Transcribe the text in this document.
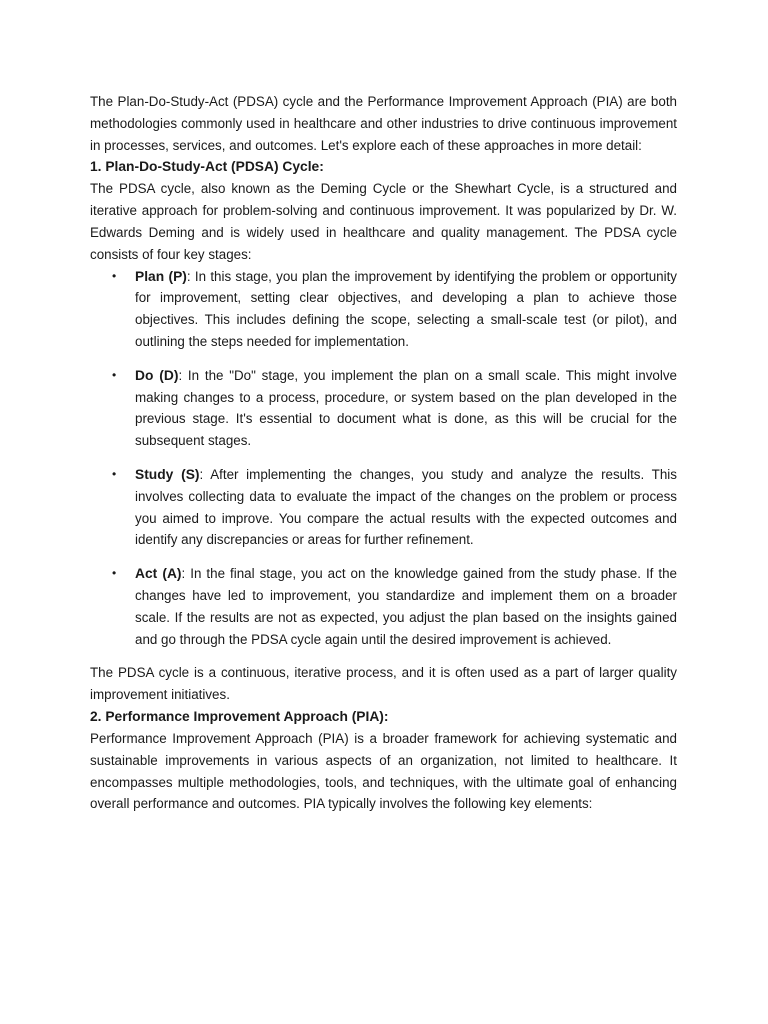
The Plan-Do-Study-Act (PDSA) cycle and the Performance Improvement Approach (PIA) are both methodologies commonly used in healthcare and other industries to drive continuous improvement in processes, services, and outcomes. Let's explore each of these approaches in more detail:

1. Plan-Do-Study-Act (PDSA) Cycle:

The PDSA cycle, also known as the Deming Cycle or the Shewhart Cycle, is a structured and iterative approach for problem-solving and continuous improvement. It was popularized by Dr. W. Edwards Deming and is widely used in healthcare and quality management. The PDSA cycle consists of four key stages:

• Plan (P): In this stage, you plan the improvement by identifying the problem or opportunity for improvement, setting clear objectives, and developing a plan to achieve those objectives. This includes defining the scope, selecting a small-scale test (or pilot), and outlining the steps needed for implementation.
• Do (D): In the "Do" stage, you implement the plan on a small scale. This might involve making changes to a process, procedure, or system based on the plan developed in the previous stage. It's essential to document what is done, as this will be crucial for the subsequent stages.
• Study (S): After implementing the changes, you study and analyze the results. This involves collecting data to evaluate the impact of the changes on the problem or process you aimed to improve. You compare the actual results with the expected outcomes and identify any discrepancies or areas for further refinement.
• Act (A): In the final stage, you act on the knowledge gained from the study phase. If the changes have led to improvement, you standardize and implement them on a broader scale. If the results are not as expected, you adjust the plan based on the insights gained and go through the PDSA cycle again until the desired improvement is achieved.

The PDSA cycle is a continuous, iterative process, and it is often used as a part of larger quality improvement initiatives.

2. Performance Improvement Approach (PIA):

Performance Improvement Approach (PIA) is a broader framework for achieving systematic and sustainable improvements in various aspects of an organization, not limited to healthcare. It encompasses multiple methodologies, tools, and techniques, with the ultimate goal of enhancing overall performance and outcomes. PIA typically involves the following key elements:
